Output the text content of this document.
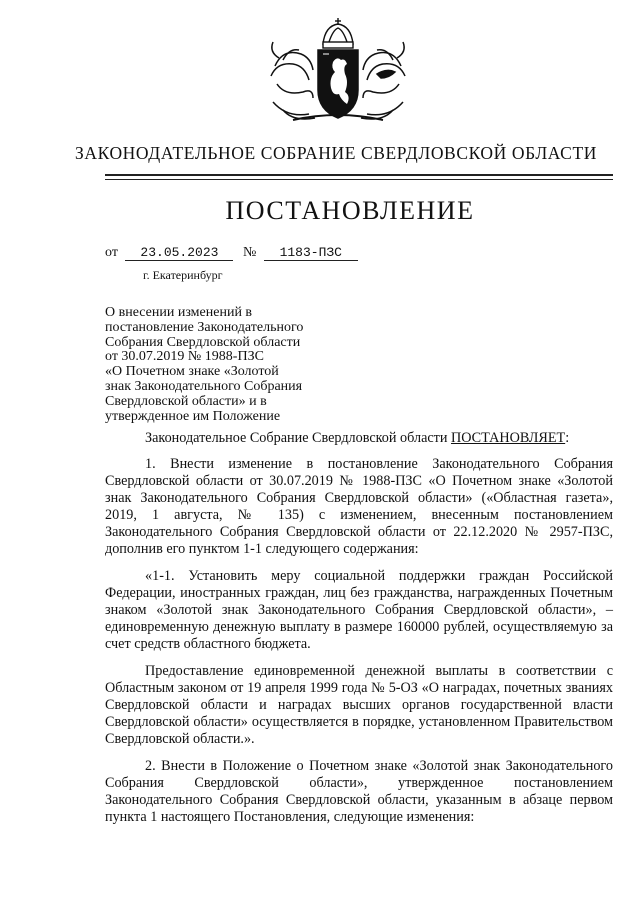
ЗАКОНОДАТЕЛЬНОЕ СОБРАНИЕ СВЕРДЛОВСКОЙ ОБЛАСТИ
ПОСТАНОВЛЕНИЕ
от 23.05.2023 № 1183-ПЗС
г. Екатеринбург
О внесении изменений в
постановление Законодательного
Собрания Свердловской области
от 30.07.2019 № 1988-ПЗС
«О Почетном знаке «Золотой
знак Законодательного Собрания
Свердловской области» и в
утвержденное им Положение

Законодательное Собрание Свердловской области ПОСТАНОВЛЯЕТ:

1. Внести изменение в постановление Законодательного Собрания Свердловской области от 30.07.2019 № 1988-ПЗС «О Почетном знаке «Золотой знак Законодательного Собрания Свердловской области» («Областная газета», 2019, 1 августа, № 135) с изменением, внесенным постановлением Законодательного Собрания Свердловской области от 22.12.2020 № 2957-ПЗС, дополнив его пунктом 1-1 следующего содержания:

«1-1. Установить меру социальной поддержки граждан Российской Федерации, иностранных граждан, лиц без гражданства, награжденных Почетным знаком «Золотой знак Законодательного Собрания Свердловской области», – единовременную денежную выплату в размере 160000 рублей, осуществляемую за счет средств областного бюджета.

Предоставление единовременной денежной выплаты в соответствии с Областным законом от 19 апреля 1999 года № 5-ОЗ «О наградах, почетных званиях Свердловской области и наградах высших органов государственной власти Свердловской области» осуществляется в порядке, установленном Правительством Свердловской области.».

2. Внести в Положение о Почетном знаке «Золотой знак Законодательного Собрания Свердловской области», утвержденное постановлением Законодательного Собрания Свердловской области, указанным в абзаце первом пункта 1 настоящего Постановления, следующие изменения:
